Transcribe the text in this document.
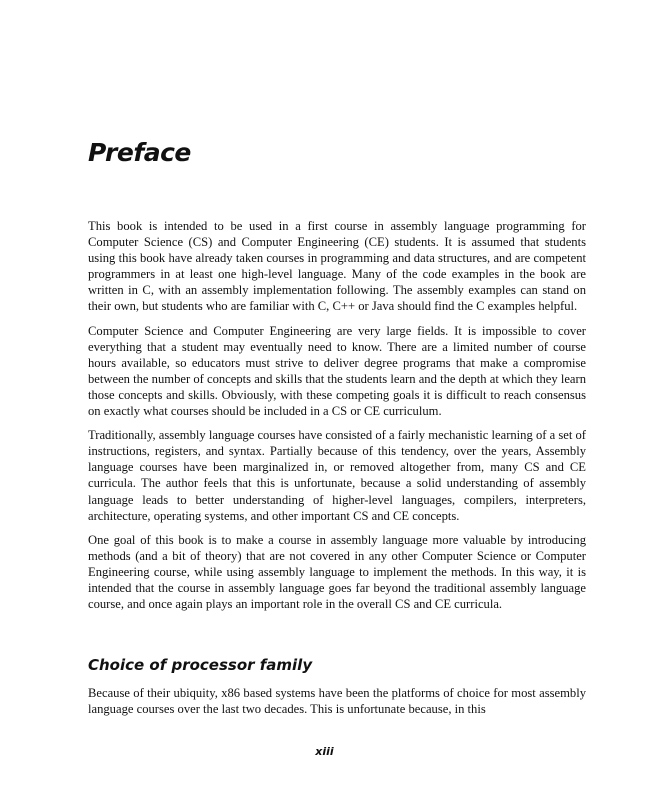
Preface

This book is intended to be used in a first course in assembly language programming for Computer Science (CS) and Computer Engineering (CE) students. It is assumed that students using this book have already taken courses in programming and data structures, and are competent programmers in at least one high-level language. Many of the code examples in the book are written in C, with an assembly implementation following. The assembly examples can stand on their own, but students who are familiar with C, C++ or Java should find the C examples helpful.

Computer Science and Computer Engineering are very large fields. It is impossible to cover everything that a student may eventually need to know. There are a limited number of course hours available, so educators must strive to deliver degree programs that make a compromise between the number of concepts and skills that the students learn and the depth at which they learn those concepts and skills. Obviously, with these competing goals it is difficult to reach consensus on exactly what courses should be included in a CS or CE curriculum.

Traditionally, assembly language courses have consisted of a fairly mechanistic learning of a set of instructions, registers, and syntax. Partially because of this tendency, over the years, Assembly language courses have been marginalized in, or removed altogether from, many CS and CE curricula. The author feels that this is unfortunate, because a solid understanding of assembly language leads to better understanding of higher-level languages, compilers, interpreters, architecture, operating systems, and other important CS and CE concepts.

One goal of this book is to make a course in assembly language more valuable by introducing methods (and a bit of theory) that are not covered in any other Computer Science or Computer Engineering course, while using assembly language to implement the methods. In this way, it is intended that the course in assembly language goes far beyond the traditional assembly language course, and once again plays an important role in the overall CS and CE curricula.

Choice of processor family

Because of their ubiquity, x86 based systems have been the platforms of choice for most assembly language courses over the last two decades. This is unfortunate because, in this

xiii
